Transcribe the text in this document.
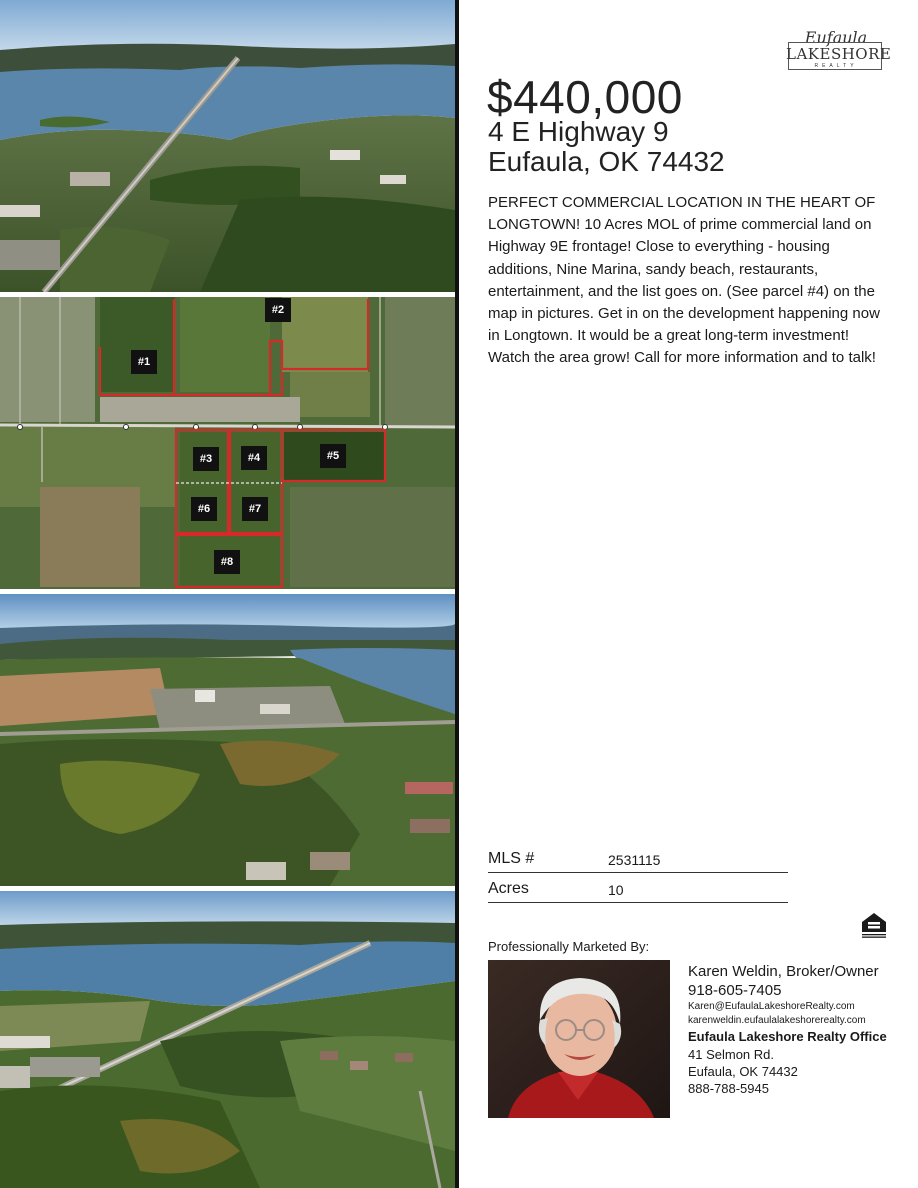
#1
#2
#3	#4	#5
#6	#7
#8
Eufaula
LAKESHORE
REALTY
$440,000
4 E Highway 9
Eufaula, OK 74432
PERFECT COMMERCIAL LOCATION IN THE HEART OF LONGTOWN! 10 Acres MOL of prime commercial land on Highway 9E frontage! Close to everything - housing additions, Nine Marina, sandy beach, restaurants, entertainment, and the list goes on. (See parcel #4) on the map in pictures. Get in on the development happening now in Longtown. It would be a great long-term investment! Watch the area grow! Call for more information and to talk!
MLS #	2531115
Acres	10
Professionally Marketed By:
Karen Weldin, Broker/Owner
918-605-7405
Karen@EufaulaLakeshoreRealty.com
karenweldin.eufaulalakeshorerealty.com
Eufaula Lakeshore Realty Office
41 Selmon Rd.
Eufaula, OK 74432
888-788-5945
